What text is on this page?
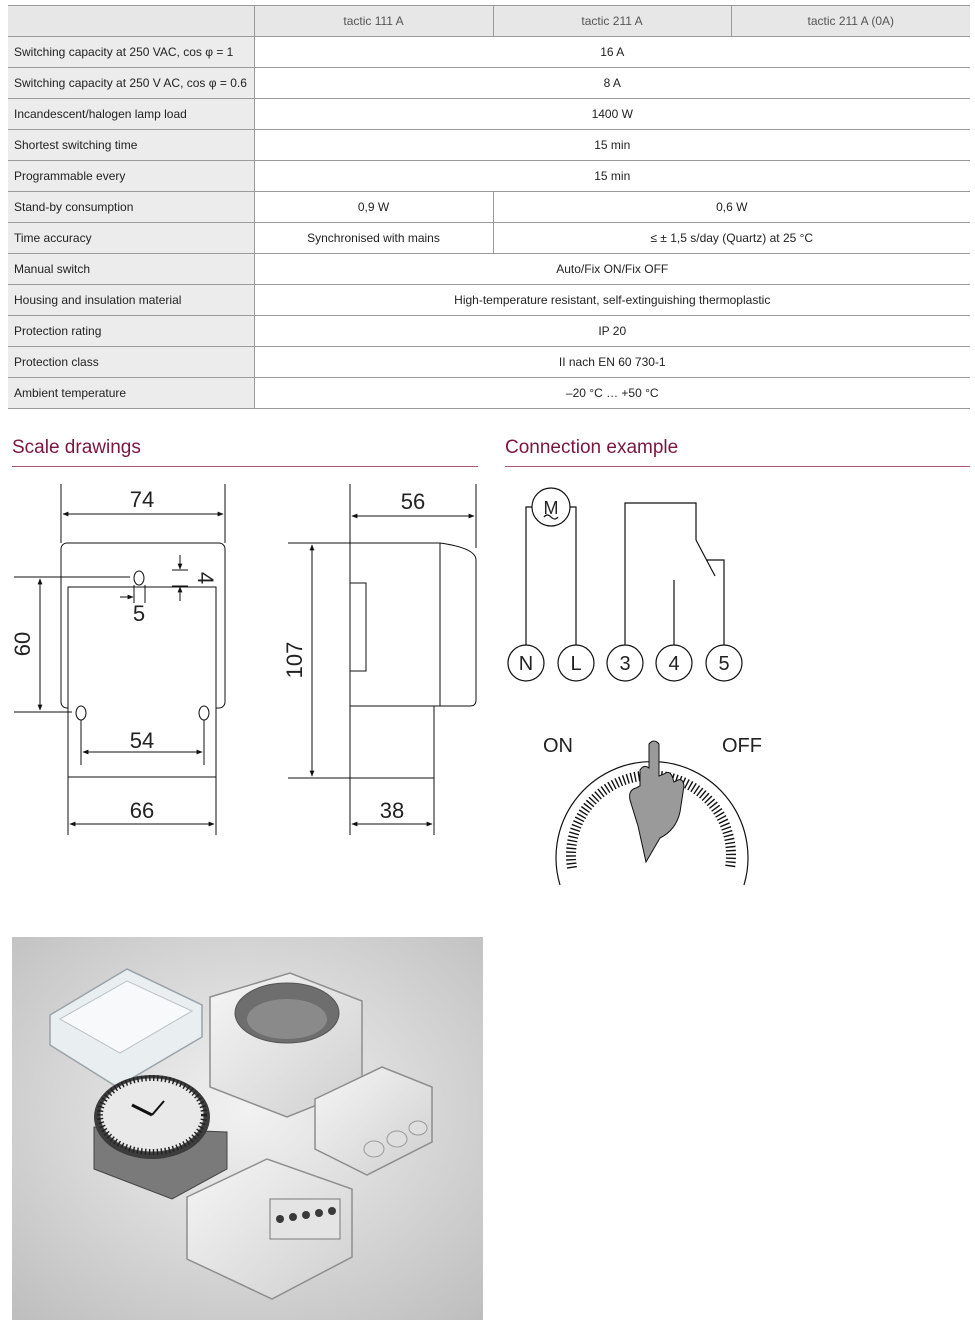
	tactic 111 A	tactic 211 A	tactic 211 A (0A)
Switching capacity at 250 VAC, cos φ = 1	16 A		
Switching capacity at 250 V AC, cos φ = 0.6	8 A		
Incandescent/halogen lamp load	1400 W		
Shortest switching time	15 min		
Programmable every	15 min		
Stand-by consumption	0,9 W	0,6 W	
Time accuracy	Synchronised with mains	≤ ± 1,5 s/day (Quartz) at 25 °C	
Manual switch	Auto/Fix ON/Fix OFF		
Housing and insulation material	High-temperature resistant, self-extinguishing thermoplastic		
Protection rating	IP 20		
Protection class	II nach EN 60 730-1		
Ambient temperature	–20 °C … +50 °C		
Scale drawings	Connection example
74
60
5
4
54
66
56
107
38
M
N L 3 4 5
ON	OFF
